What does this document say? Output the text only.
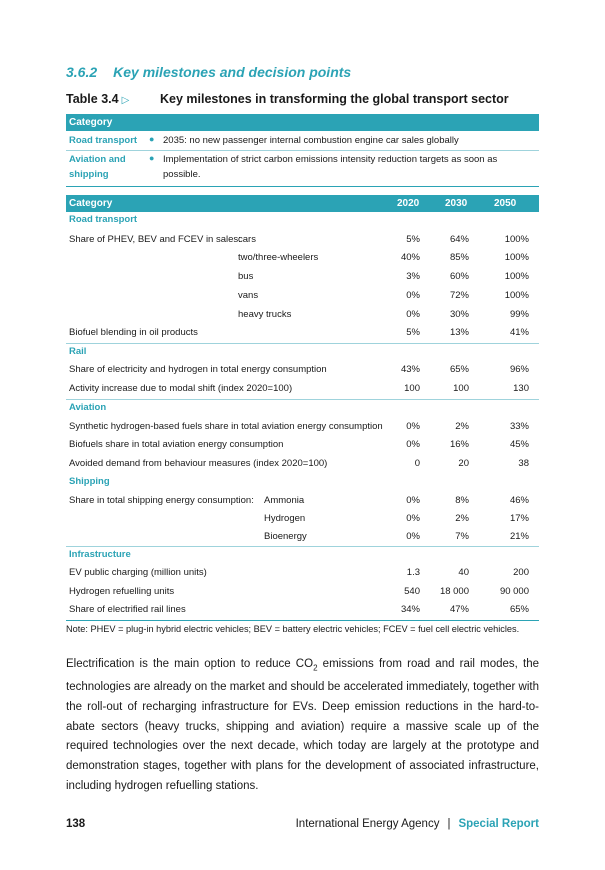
3.6.2 Key milestones and decision points
Table 3.4 ▷ Key milestones in transforming the global transport sector
Category
Road transport	2035: no new passenger internal combustion engine car sales globally
●
Aviation and	Implementation of strict carbon emissions intensity reduction targets as soon as
shipping	possible.
●
Category	2020	2030	2050
Road transport
Share of PHEV, BEV and FCEV in sales:
cars	5%	64%	100%
two/three-wheelers	40%	85%	100%
bus	3%	60%	100%
vans	0%	72%	100%
heavy trucks	0%	30%	99%
Biofuel blending in oil products	5%	13%	41%
Rail
Share of electricity and hydrogen in total energy consumption	43%	65%	96%
Activity increase due to modal shift (index 2020=100)	100	100	130
Aviation
Synthetic hydrogen-based fuels share in total aviation energy consumption	0%	2%	33%
Biofuels share in total aviation energy consumption	0%	16%	45%
Avoided demand from behaviour measures (index 2020=100)	0	20	38
Shipping
Share in total shipping energy consumption: Ammonia	0%	8%	46%
Hydrogen	0%	2%	17%
Bioenergy	0%	7%	21%
Infrastructure
EV public charging (million units)	1.3	40	200
Hydrogen refuelling units	540	18 000	90 000
Share of electrified rail lines	34%	47%	65%
Note: PHEV = plug-in hybrid electric vehicles; BEV = battery electric vehicles; FCEV = fuel cell electric vehicles.
Electrification is the main option to reduce $CO_2$ emissions from road and rail modes, the technologies are already on the market and should be accelerated immediately, together with the roll-out of recharging infrastructure for EVs. Deep emission reductions in the hard-to-abate sectors (heavy trucks, shipping and aviation) require a massive scale up of the required technologies over the next decade, which today are largely at the prototype and demonstration stages, together with plans for the development of associated infrastructure, including hydrogen refuelling stations.
138	International Energy Agency | Special Report
